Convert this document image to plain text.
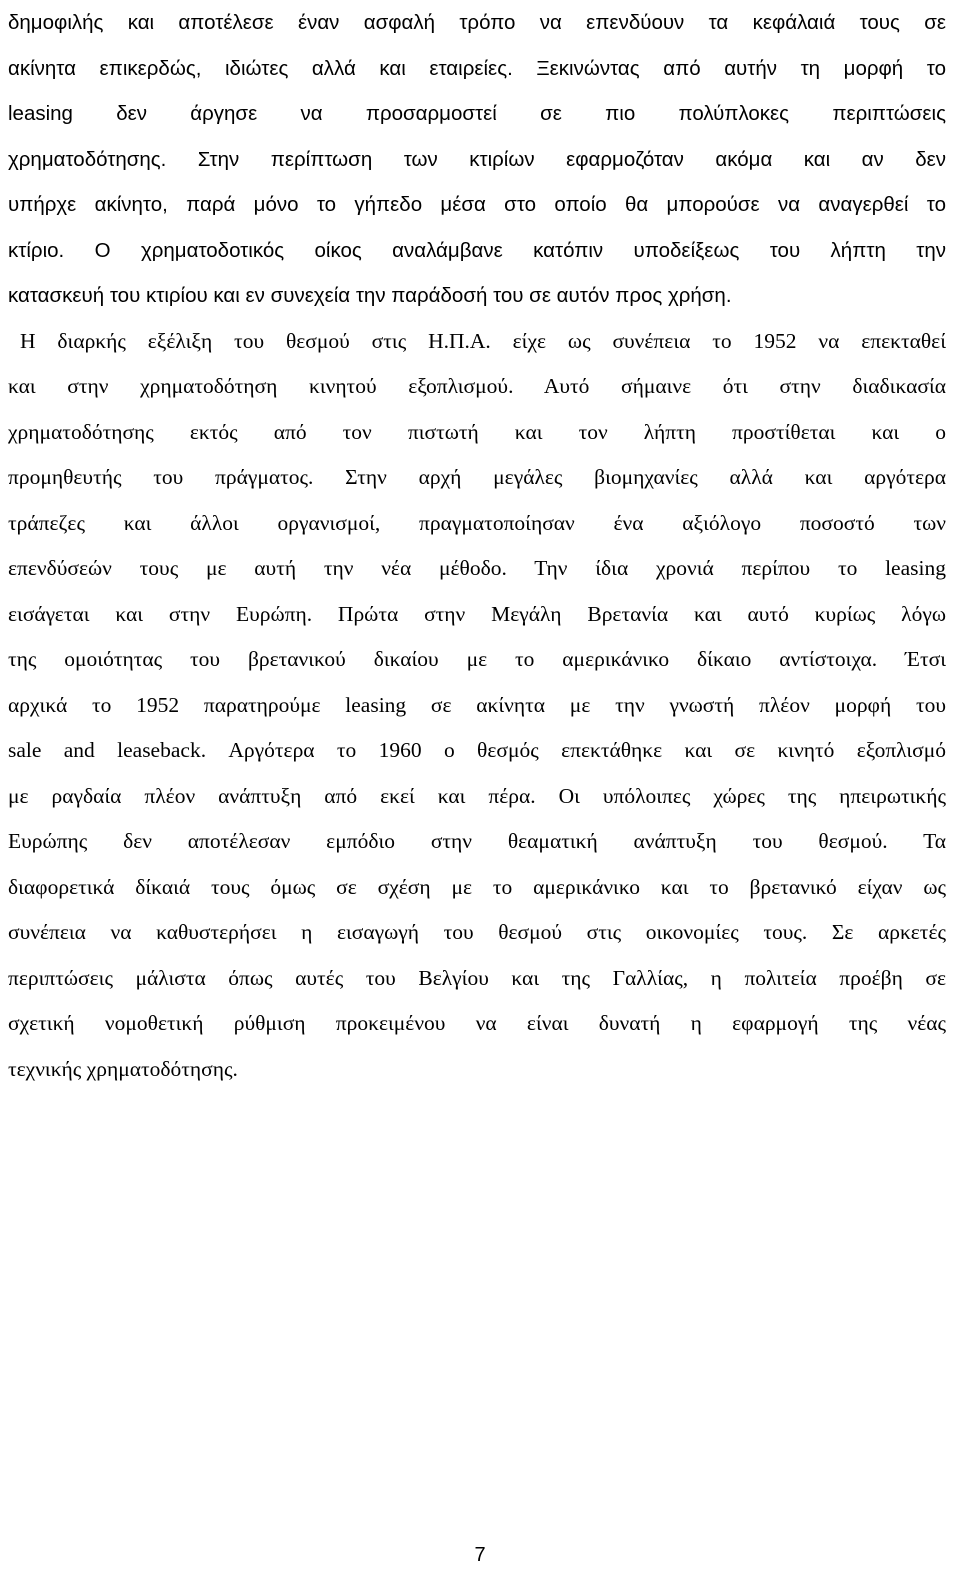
δημοφιλής και αποτέλεσε έναν ασφαλή τρόπο να επενδύουν τα κεφάλαιά τους σε
ακίνητα επικερδώς, ιδιώτες αλλά και εταιρείες. Ξεκινώντας από αυτήν τη μορφή το
leasing δεν άργησε να προσαρμοστεί σε πιο πολύπλοκες περιπτώσεις
χρηματοδότησης. Στην περίπτωση των κτιρίων εφαρμοζόταν ακόμα και αν δεν
υπήρχε ακίνητο, παρά μόνο το γήπεδο μέσα στο οποίο θα μπορούσε να αναγερθεί το
κτίριο. Ο χρηματοδοτικός οίκος αναλάμβανε κατόπιν υποδείξεως του λήπτη την
κατασκευή του κτιρίου και εν συνεχεία την παράδοσή του σε αυτόν προς χρήση.
Η διαρκής εξέλιξη του θεσμού στις Η.Π.Α. είχε ως συνέπεια το 1952 να επεκταθεί
και στην χρηματοδότηση κινητού εξοπλισμού. Αυτό σήμαινε ότι στην διαδικασία
χρηματοδότησης εκτός από τον πιστωτή και τον λήπτη προστίθεται και ο
προμηθευτής του πράγματος. Στην αρχή μεγάλες βιομηχανίες αλλά και αργότερα
τράπεζες και άλλοι οργανισμοί, πραγματοποίησαν ένα αξιόλογο ποσοστό των
επενδύσεών τους με αυτή την νέα μέθοδο. Την ίδια χρονιά περίπου το leasing
εισάγεται και στην Ευρώπη. Πρώτα στην Μεγάλη Βρετανία και αυτό κυρίως λόγω
της ομοιότητας του βρετανικού δικαίου με το αμερικάνικο δίκαιο αντίστοιχα. Έτσι
αρχικά το 1952 παρατηρούμε leasing σε ακίνητα με την γνωστή πλέον μορφή του
sale and leaseback. Αργότερα το 1960 ο θεσμός επεκτάθηκε και σε κινητό εξοπλισμό
με ραγδαία πλέον ανάπτυξη από εκεί και πέρα. Οι υπόλοιπες χώρες της ηπειρωτικής
Ευρώπης δεν αποτέλεσαν εμπόδιο στην θεαματική ανάπτυξη του θεσμού. Τα
διαφορετικά δίκαιά τους όμως σε σχέση με το αμερικάνικο και το βρετανικό είχαν ως
συνέπεια να καθυστερήσει η εισαγωγή του θεσμού στις οικονομίες τους. Σε αρκετές
περιπτώσεις μάλιστα όπως αυτές του Βελγίου και της Γαλλίας, η πολιτεία προέβη σε
σχετική νομοθετική ρύθμιση προκειμένου να είναι δυνατή η εφαρμογή της νέας
τεχνικής χρηματοδότησης.
7
